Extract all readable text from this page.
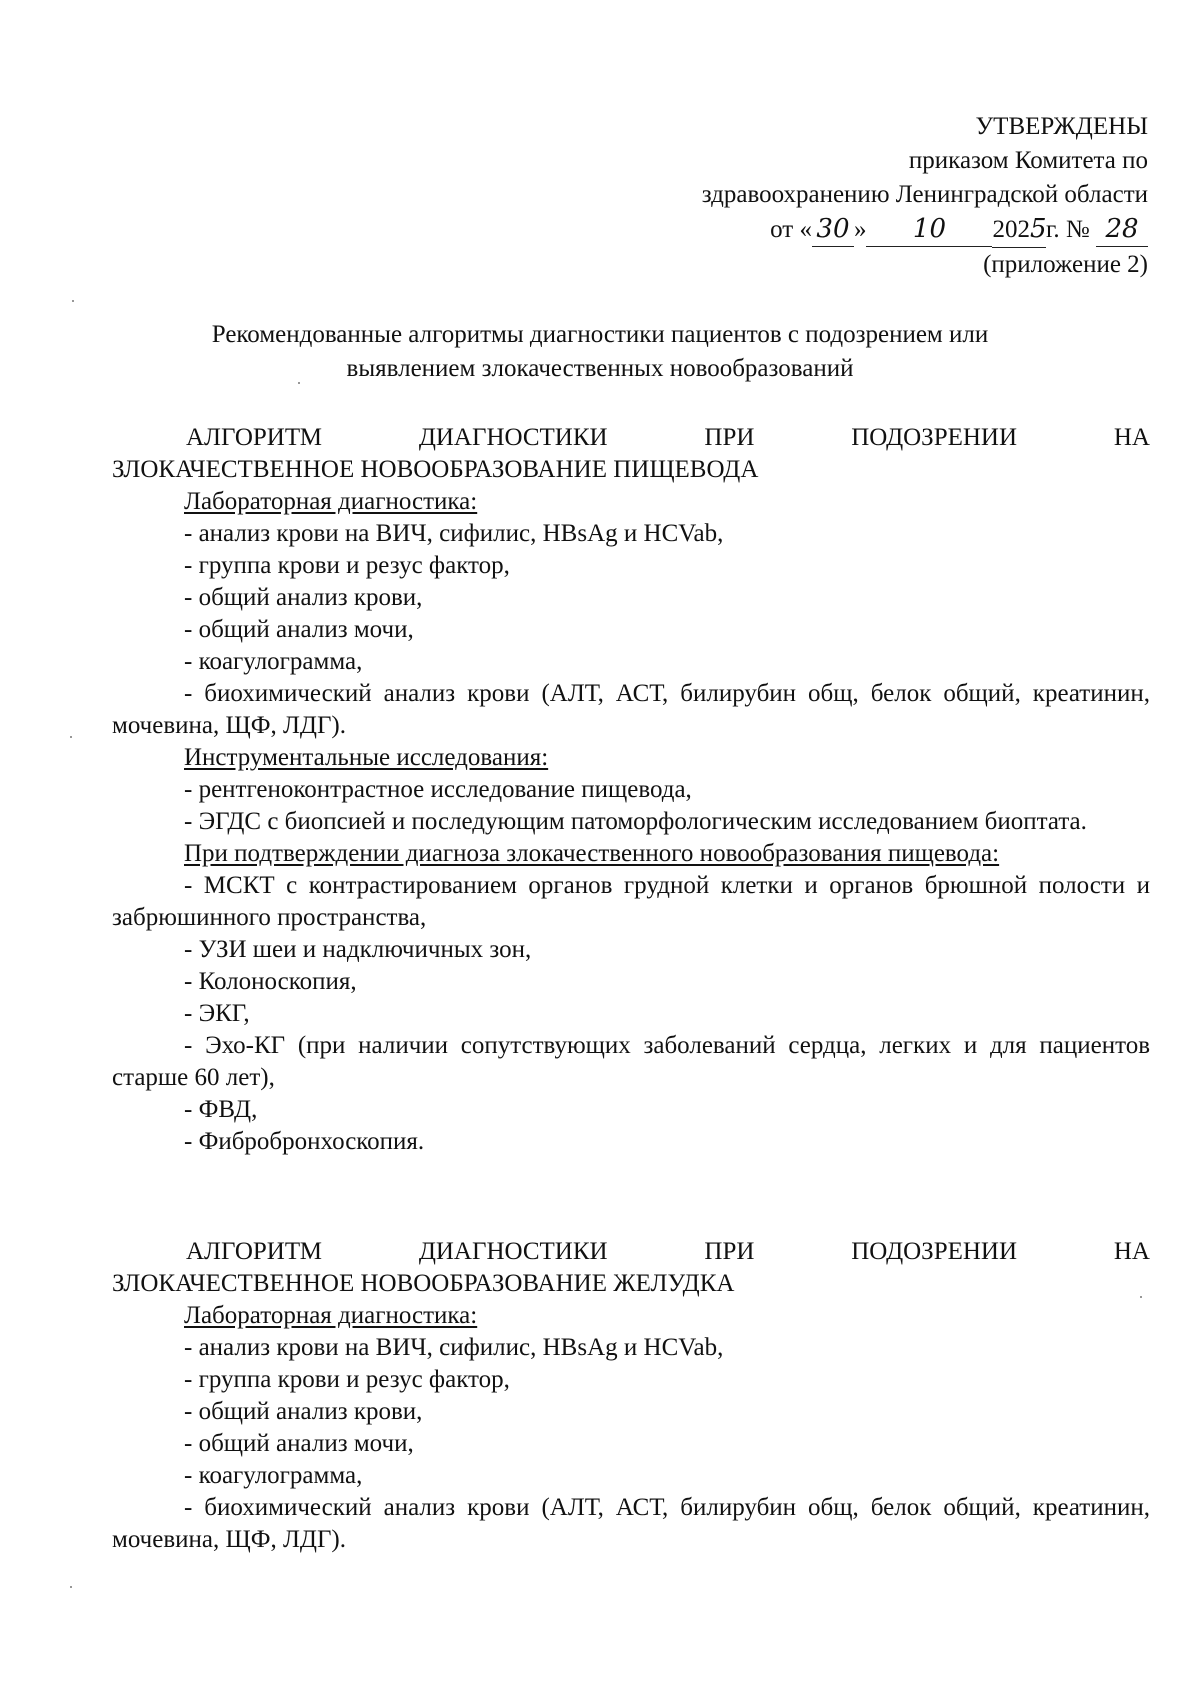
УТВЕРЖДЕНЫ
приказом Комитета по
здравоохранению Ленинградской области
от « 30 » 10 2025г. № 28
(приложение 2)
Рекомендованные алгоритмы диагностики пациентов с подозрением или
выявлением злокачественных новообразований
АЛГОРИТМ	ДИАГНОСТИКИ	ПРИ	ПОДОЗРЕНИИ	НА
ЗЛОКАЧЕСТВЕННОЕ НОВООБРАЗОВАНИЕ ПИЩЕВОДА

Лабораторная диагностика:

- анализ крови на ВИЧ, сифилис, HBsAg и HCVab,

- группа крови и резус фактор,

- общий анализ крови,

- общий анализ мочи,

- коагулограмма,

- биохимический анализ крови (АЛТ, АСТ, билирубин общ, белок общий, креатинин, мочевина, ЩФ, ЛДГ).

Инструментальные исследования:

- рентгеноконтрастное исследование пищевода,

- ЭГДС с биопсией и последующим патоморфологическим исследованием биоптата.

При подтверждении диагноза злокачественного новообразования пищевода:

- МСКТ с контрастированием органов грудной клетки и органов брюшной полости и забрюшинного пространства,

- УЗИ шеи и надключичных зон,

- Колоноскопия,

- ЭКГ,

- Эхо-КГ (при наличии сопутствующих заболеваний сердца, легких и для пациентов старше 60 лет),

- ФВД,

- Фибробронхоскопия.

АЛГОРИТМ	ДИАГНОСТИКИ	ПРИ	ПОДОЗРЕНИИ	НА
ЗЛОКАЧЕСТВЕННОЕ НОВООБРАЗОВАНИЕ ЖЕЛУДКА

Лабораторная диагностика:

- анализ крови на ВИЧ, сифилис, HBsAg и HCVab,

- группа крови и резус фактор,

- общий анализ крови,

- общий анализ мочи,

- коагулограмма,

- биохимический анализ крови (АЛТ, АСТ, билирубин общ, белок общий, креатинин, мочевина, ЩФ, ЛДГ).
